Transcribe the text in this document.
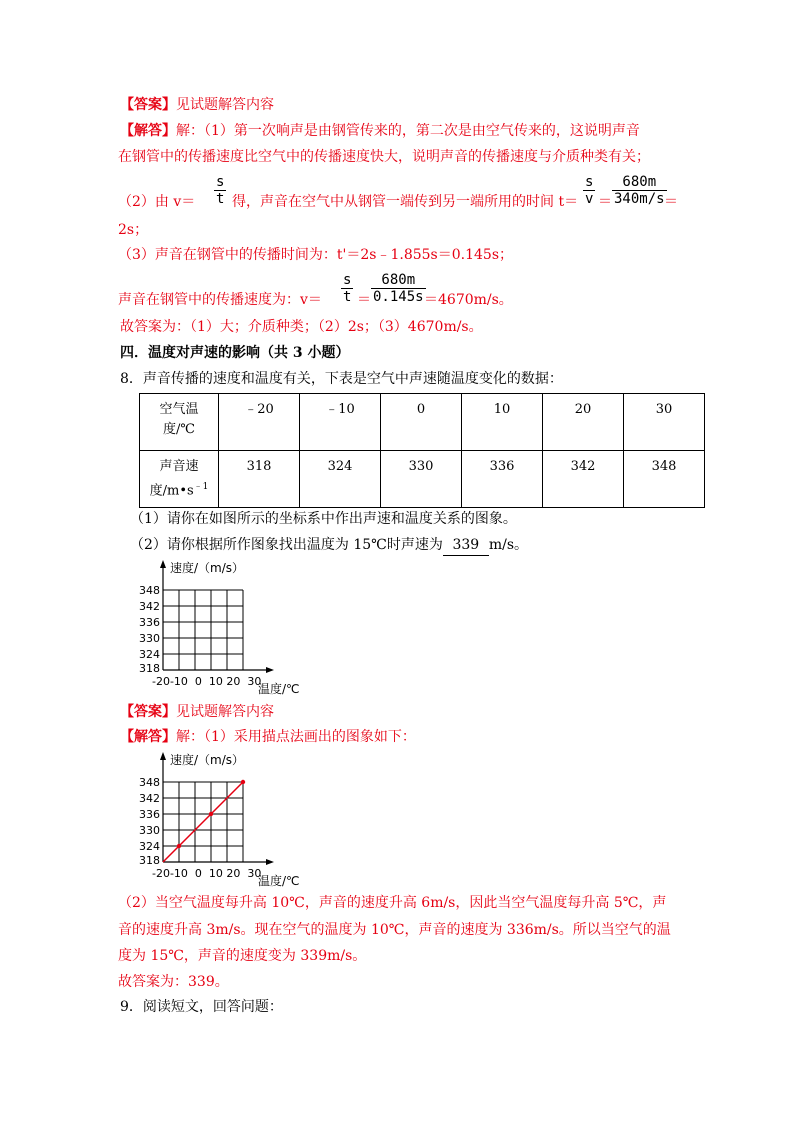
【答案】见试题解答内容
【解答】解：（1）第一次响声是由钢管传来的，第二次是由空气传来的，这说明声音
在钢管中的传播速度比空气中的传播速度快大，说明声音的传播速度与介质种类有关；
（2）由 $v= \frac{s}{t}$ 得，声音在空气中从钢管一端传到另一端所用的时间 $t= \frac{s}{v} = \frac{680m}{340m/s}$
＝
2s；
（3）声音在钢管中的传播时间为：t'＝2s﹣1.855s＝0.145s；
声音在钢管中的传播速度为：$v= \frac{s}{t} = \frac{680m}{0.145s}$
＝4670m/s。
故答案为：（1）大；介质种类；（2）2s；（3）4670m/s。
四．温度对声速的影响（共 3 小题）
8．声音传播的速度和温度有关，下表是空气中声速随温度变化的数据：
空气温
度/℃	﹣20	﹣10	0	10	20	30
声音速
度$/m•s^{﹣1}$	318	324	330	336	342	348
（1）请你在如图所示的坐标系中作出声速和温度关系的图象。
（2）请你根据所作图象找出温度为 15℃时声速为 339 m/s。
速度/（m/s）
348
342
336
330
324
318
-20-10  0  10 20  30
温度/℃
【答案】见试题解答内容
【解答】解：（1）采用描点法画出的图象如下：
速度/（m/s）
348
342
336
330
324
318
-20-10  0  10 20  30
温度/℃
（2）当空气温度每升高 10℃，声音的速度升高 6m/s，因此当空气温度每升高 5℃，声
音的速度升高 3m/s。现在空气的温度为 10℃，声音的速度为 336m/s。所以当空气的温
度为 15℃，声音的速度变为 339m/s。
故答案为：339。
9．阅读短文，回答问题：
